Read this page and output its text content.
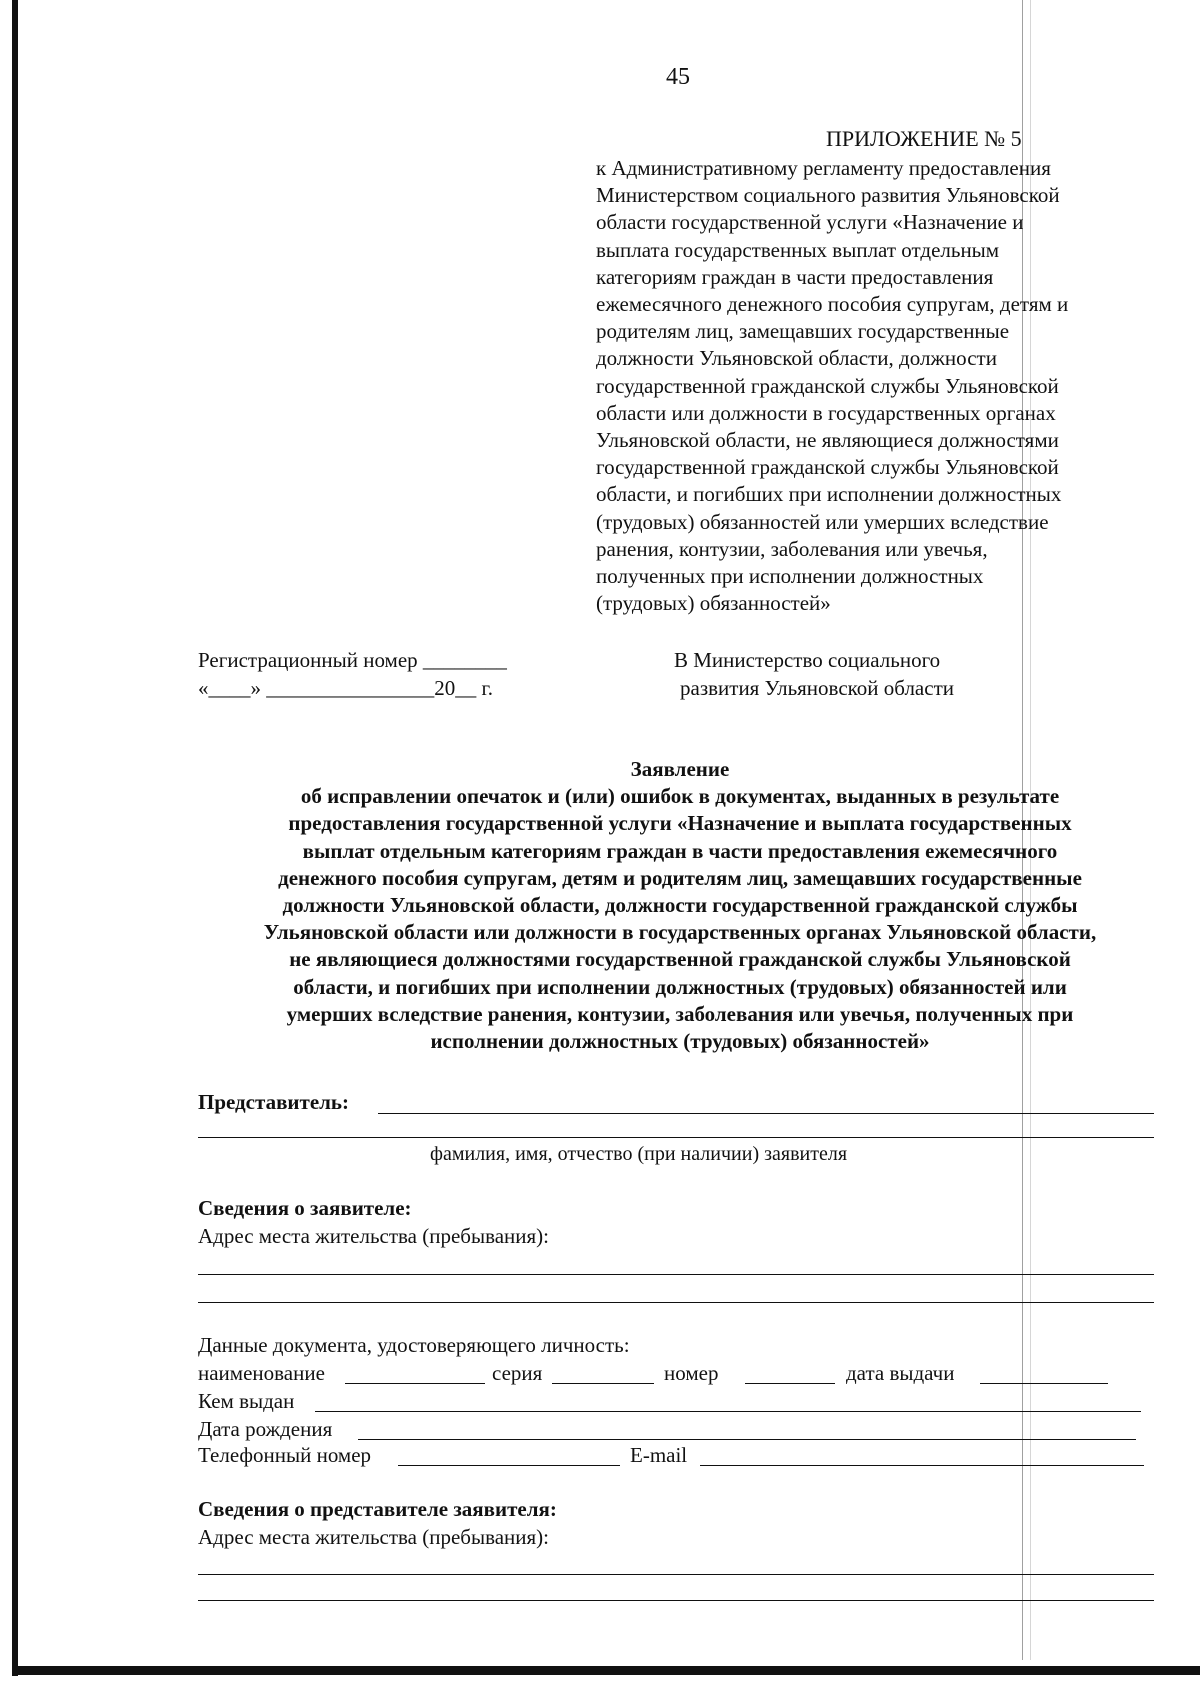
45
ПРИЛОЖЕНИЕ № 5
к Административному регламенту предоставления
Министерством социального развития Ульяновской
области государственной услуги «Назначение и
выплата государственных выплат отдельным
категориям граждан в части предоставления
ежемесячного денежного пособия супругам, детям и
родителям лиц, замещавших государственные
должности Ульяновской области, должности
государственной гражданской службы Ульяновской
области или должности в государственных органах
Ульяновской области, не являющиеся должностями
государственной гражданской службы Ульяновской
области, и погибших при исполнении должностных
(трудовых) обязанностей или умерших вследствие
ранения, контузии, заболевания или увечья,
полученных при исполнении должностных
(трудовых) обязанностей»
Регистрационный номер ________
«____» ________________20__ г.
В Министерство социального
развития Ульяновской области
Заявление
об исправлении опечаток и (или) ошибок в документах, выданных в результате
предоставления государственной услуги «Назначение и выплата государственных
выплат отдельным категориям граждан в части предоставления ежемесячного
денежного пособия супругам, детям и родителям лиц, замещавших государственные
должности Ульяновской области, должности государственной гражданской службы
Ульяновской области или должности в государственных органах Ульяновской области,
не являющиеся должностями государственной гражданской службы Ульяновской
области, и погибших при исполнении должностных (трудовых) обязанностей или
умерших вследствие ранения, контузии, заболевания или увечья, полученных при
исполнении должностных (трудовых) обязанностей»
Представитель:
фамилия, имя, отчество (при наличии) заявителя
Сведения о заявителе:
Адрес места жительства (пребывания):
Данные документа, удостоверяющего личность:
наименование	серия	номер	дата выдачи
Кем выдан
Дата рождения
Телефонный номер	E-mail
Сведения о представителе заявителя:
Адрес места жительства (пребывания):
